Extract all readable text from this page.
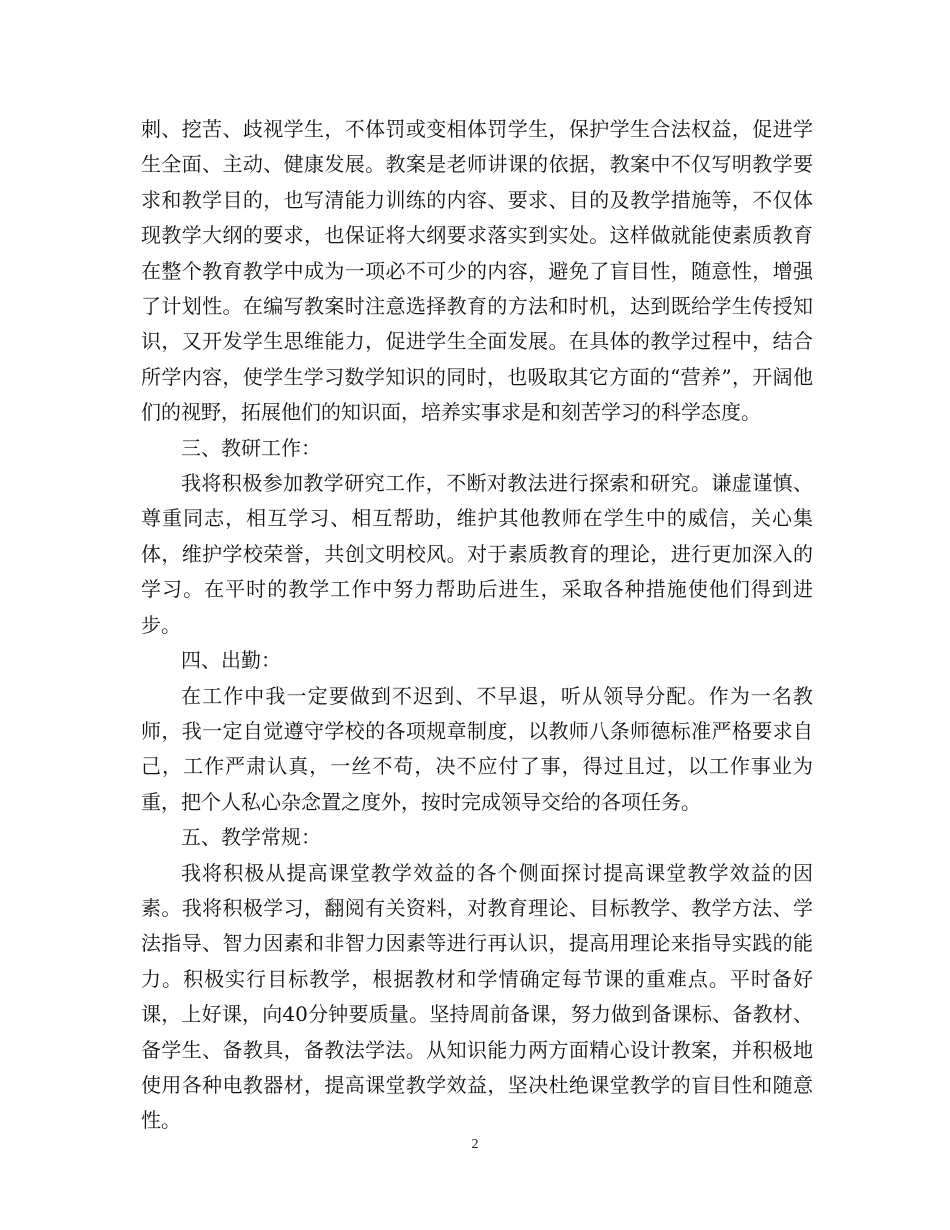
刺、挖苦、歧视学生，不体罚或变相体罚学生，保护学生合法权益，促进学生全面、主动、健康发展。教案是老师讲课的依据，教案中不仅写明教学要求和教学目的，也写清能力训练的内容、要求、目的及教学措施等，不仅体现教学大纲的要求，也保证将大纲要求落实到实处。这样做就能使素质教育在整个教育教学中成为一项必不可少的内容，避免了盲目性，随意性，增强了计划性。在编写教案时注意选择教育的方法和时机，达到既给学生传授知识，又开发学生思维能力，促进学生全面发展。在具体的教学过程中，结合所学内容，使学生学习数学知识的同时，也吸取其它方面的“营养”，开阔他们的视野，拓展他们的知识面，培养实事求是和刻苦学习的科学态度。

三、教研工作：

我将积极参加教学研究工作，不断对教法进行探索和研究。谦虚谨慎、尊重同志，相互学习、相互帮助，维护其他教师在学生中的威信，关心集体，维护学校荣誉，共创文明校风。对于素质教育的理论，进行更加深入的学习。在平时的教学工作中努力帮助后进生，采取各种措施使他们得到进步。

四、出勤：

在工作中我一定要做到不迟到、不早退，听从领导分配。作为一名教师，我一定自觉遵守学校的各项规章制度，以教师八条师德标准严格要求自己，工作严肃认真，一丝不苟，决不应付了事，得过且过，以工作事业为重，把个人私心杂念置之度外，按时完成领导交给的各项任务。

五、教学常规：

我将积极从提高课堂教学效益的各个侧面探讨提高课堂教学效益的因素。我将积极学习，翻阅有关资料，对教育理论、目标教学、教学方法、学法指导、智力因素和非智力因素等进行再认识，提高用理论来指导实践的能力。积极实行目标教学，根据教材和学情确定每节课的重难点。平时备好课，上好课，向40分钟要质量。坚持周前备课，努力做到备课标、备教材、备学生、备教具，备教法学法。从知识能力两方面精心设计教案，并积极地使用各种电教器材，提高课堂教学效益，坚决杜绝课堂教学的盲目性和随意性。

2
